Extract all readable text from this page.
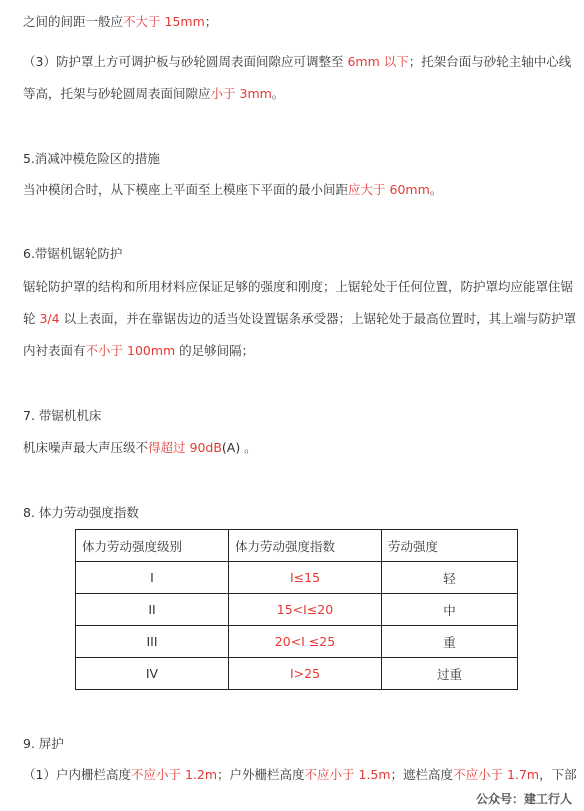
之间的间距一般应不大于 15mm；
（3）防护罩上方可调护板与砂轮圆周表面间隙应可调整至 6mm 以下；托架台面与砂轮主轴中心线
等高，托架与砂轮圆周表面间隙应小于 3mm。
5.消减冲模危险区的措施
当冲模闭合时，从下模座上平面至上模座下平面的最小间距应大于 60mm。
6.带锯机锯轮防护
锯轮防护罩的结构和所用材料应保证足够的强度和刚度；上锯轮处于任何位置，防护罩均应能罩住锯
轮 3/4 以上表面，并在靠锯齿边的适当处设置锯条承受器；上锯轮处于最高位置时，其上端与防护罩
内衬表面有不小于 100mm 的足够间隔；
7. 带锯机机床
机床噪声最大声压级不得超过 90dB(A) 。
8. 体力劳动强度指数
体力劳动强度级别	体力劳动强度指数	劳动强度
I	I≤15	轻
II	15<I≤20	中
III	20<I ≤25	重
IV	I>25	过重
9. 屏护
（1）户内栅栏高度不应小于 1.2m；户外栅栏高度不应小于 1.5m；遮栏高度不应小于 1.7m，下部
公众号：建工行人
